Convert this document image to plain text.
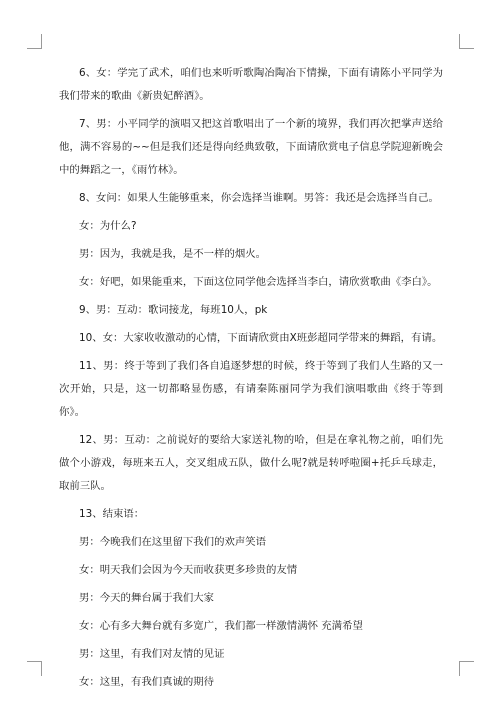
6、女：学完了武术，咱们也来听听歌陶冶陶冶下情操，下面有请陈小平同学为我们带来的歌曲《新贵妃醉酒》。

7、男：小平同学的演唱又把这首歌唱出了一个新的境界，我们再次把掌声送给他，满不容易的~~但是我们还是得向经典致敬，下面请欣赏电子信息学院迎新晚会中的舞蹈之一，《雨竹林》。

8、女问：如果人生能够重来，你会选择当谁啊。男答：我还是会选择当自己。

女：为什么?

男：因为，我就是我，是不一样的烟火。

女：好吧，如果能重来，下面这位同学他会选择当李白，请欣赏歌曲《李白》。

9、男：互动：歌词接龙，每班10人，pk

10、女：大家收收激动的心情，下面请欣赏由X班彭超同学带来的舞蹈，有请。

11、男：终于等到了我们各自追逐梦想的时候，终于等到了我们人生路的又一次开始，只是，这一切都略显伤感，有请秦陈丽同学为我们演唱歌曲《终于等到你》。

12、男：互动：之前说好的要给大家送礼物的哈，但是在拿礼物之前，咱们先做个小游戏，每班来五人，交叉组成五队，做什么呢?就是转呼啦圈+托乒乓球走，取前三队。

13、结束语：

男：今晚我们在这里留下我们的欢声笑语

女：明天我们会因为今天而收获更多珍贵的友情

男：今天的舞台属于我们大家

女：心有多大舞台就有多宽广，我们都一样激情满怀 充满希望

男：这里，有我们对友情的见证

女：这里，有我们真诚的期待
